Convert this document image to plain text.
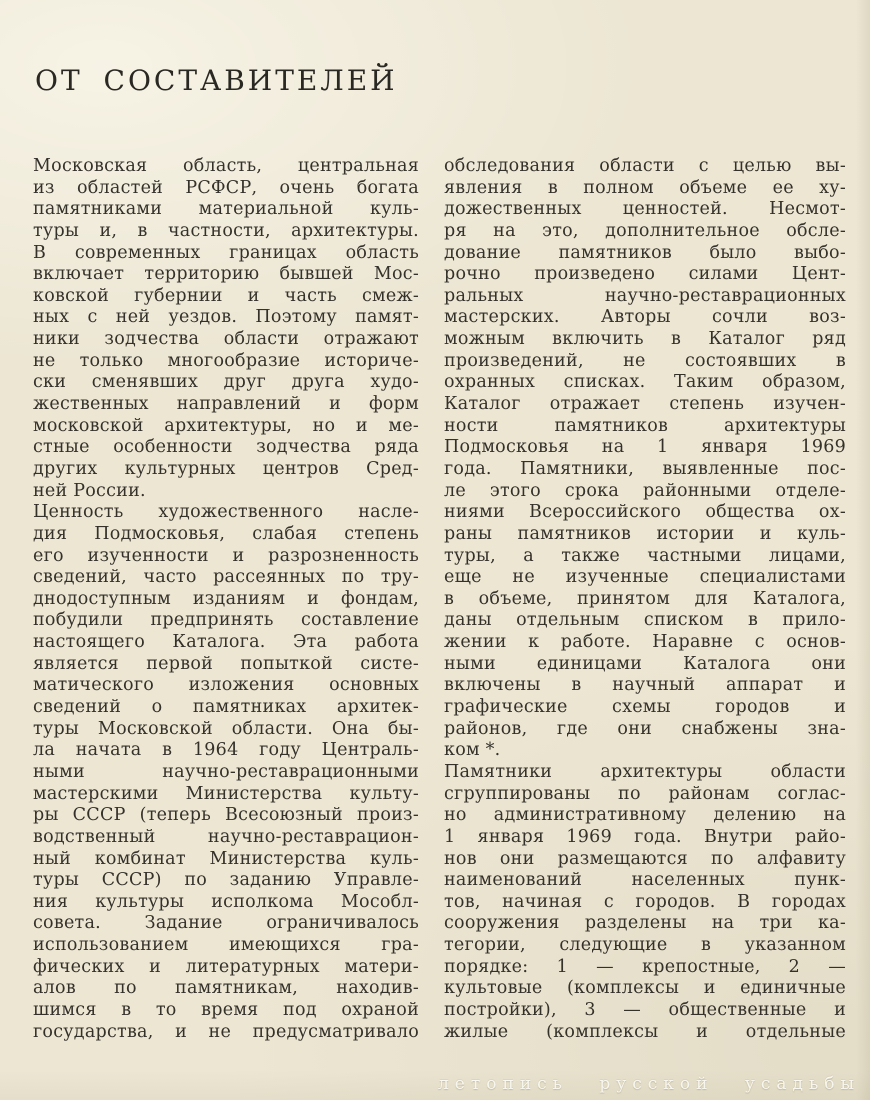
ОТ СОСТАВИТЕЛЕЙ
Московская область, центральная
из областей РСФСР, очень богата
памятниками материальной куль-
туры и, в частности, архитектуры.
В современных границах область
включает территорию бывшей Мос-
ковской губернии и часть смеж-
ных с ней уездов. Поэтому памят-
ники зодчества области отражают
не только многообразие историче-
ски сменявших друг друга худо-
жественных направлений и форм
московской архитектуры, но и ме-
стные особенности зодчества ряда
других культурных центров Сред-
ней России.
Ценность художественного насле-
дия Подмосковья, слабая степень
его изученности и разрозненность
сведений, часто рассеянных по тру-
днодоступным изданиям и фондам,
побудили предпринять составление
настоящего Каталога. Эта работа
является первой попыткой систе-
матического изложения основных
сведений о памятниках архитек-
туры Московской области. Она бы-
ла начата в 1964 году Централь-
ными научно-реставрационными
мастерскими Министерства культу-
ры СССР (теперь Всесоюзный произ-
водственный научно-реставрацион-
ный комбинат Министерства куль-
туры СССР) по заданию Управле-
ния культуры исполкома Мособл-
совета. Задание ограничивалось
использованием имеющихся гра-
фических и литературных матери-
алов по памятникам, находив-
шимся в то время под охраной
государства, и не предусматривало
обследования области с целью вы-
явления в полном объеме ее ху-
дожественных ценностей. Несмот-
ря на это, дополнительное обсле-
дование памятников было выбо-
рочно произведено силами Цент-
ральных научно-реставрационных
мастерских. Авторы сочли воз-
можным включить в Каталог ряд
произведений, не состоявших в
охранных списках. Таким образом,
Каталог отражает степень изучен-
ности памятников архитектуры
Подмосковья на 1 января 1969
года. Памятники, выявленные пос-
ле этого срока районными отделе-
ниями Всероссийского общества ох-
раны памятников истории и куль-
туры, а также частными лицами,
еще не изученные специалистами
в объеме, принятом для Каталога,
даны отдельным списком в прило-
жении к работе. Наравне с основ-
ными единицами Каталога они
включены в научный аппарат и
графические схемы городов и
районов, где они снабжены зна-
ком *.
Памятники архитектуры области
сгруппированы по районам соглас-
но административному делению на
1 января 1969 года. Внутри райо-
нов они размещаются по алфавиту
наименований населенных пунк-
тов, начиная с городов. В городах
сооружения разделены на три ка-
тегории, следующие в указанном
порядке: 1 — крепостные, 2 —
культовые (комплексы и единичные
постройки), 3 — общественные и
жилые (комплексы и отдельные
летопись русской усадьбы
